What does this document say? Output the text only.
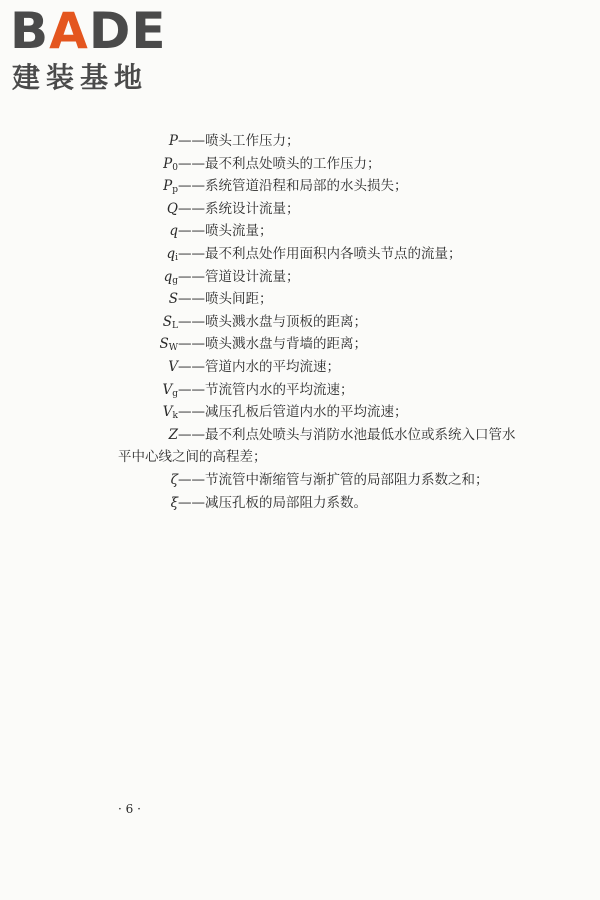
BADE
建装基地
P ——喷头工作压力；
$P_0$ ——最不利点处喷头的工作压力；
$P_p$ ——系统管道沿程和局部的水头损失；
Q ——系统设计流量；
q ——喷头流量；
$q_i$ ——最不利点处作用面积内各喷头节点的流量；
$q_g$ ——管道设计流量；
S ——喷头间距；
$S_L$ ——喷头溅水盘与顶板的距离；
$S_W$ ——喷头溅水盘与背墙的距离；
V ——管道内水的平均流速；
$V_g$ ——节流管内水的平均流速；
$V_k$ ——减压孔板后管道内水的平均流速；
Z ——最不利点处喷头与消防水池最低水位或系统入口管水
平中心线之间的高程差；
ζ ——节流管中渐缩管与渐扩管的局部阻力系数之和；
ξ ——减压孔板的局部阻力系数。
· 6 ·
